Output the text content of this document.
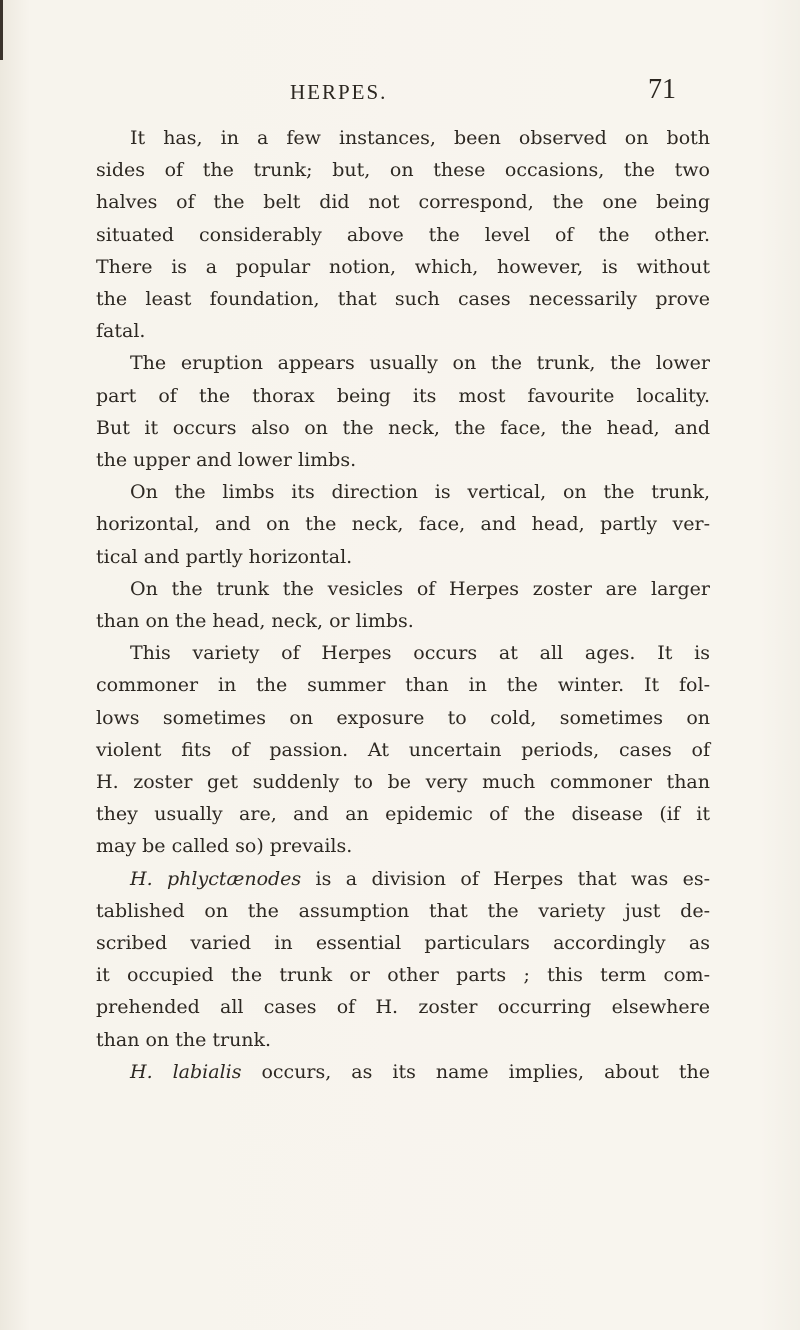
HERPES.	71

It has, in a few instances, been observed on both
sides of the trunk; but, on these occasions, the two
halves of the belt did not correspond, the one being
situated considerably above the level of the other.
There is a popular notion, which, however, is without
the least foundation, that such cases necessarily prove
fatal.

The eruption appears usually on the trunk, the lower
part of the thorax being its most favourite locality.
But it occurs also on the neck, the face, the head, and
the upper and lower limbs.

On the limbs its direction is vertical, on the trunk,
horizontal, and on the neck, face, and head, partly ver-
tical and partly horizontal.

On the trunk the vesicles of Herpes zoster are larger
than on the head, neck, or limbs.

This variety of Herpes occurs at all ages. It is
commoner in the summer than in the winter. It fol-
lows sometimes on exposure to cold, sometimes on
violent fits of passion. At uncertain periods, cases of
H. zoster get suddenly to be very much commoner than
they usually are, and an epidemic of the disease (if it
may be called so) prevails.

H. phlyctænodes is a division of Herpes that was es-
tablished on the assumption that the variety just de-
scribed varied in essential particulars accordingly as
it occupied the trunk or other parts ; this term com-
prehended all cases of H. zoster occurring elsewhere
than on the trunk.

H. labialis occurs, as its name implies, about the
